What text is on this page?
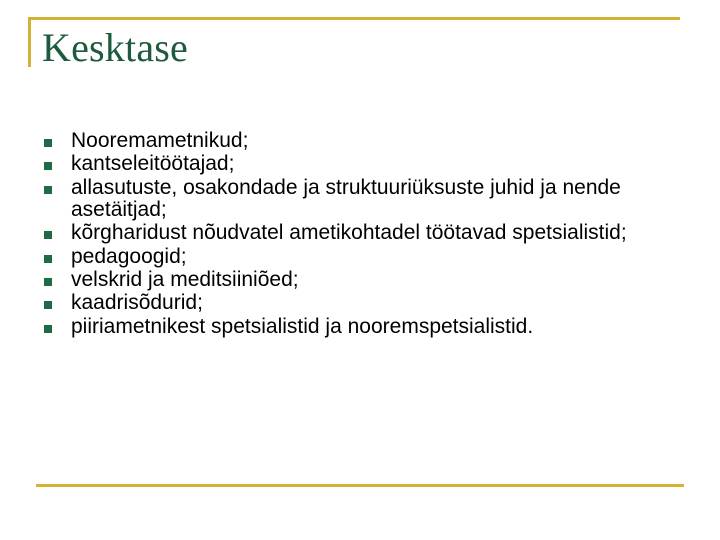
Kesktase
Nooremametnikud;
kantseleitöötajad;
allasutuste, osakondade ja struktuuriüksuste juhid ja nende asetäitjad;
kõrgharidust nõudvatel ametikohtadel töötavad spetsialistid;
pedagoogid;
velskrid ja meditsiiniõed;
kaadrisõdurid;
piiriametnikest spetsialistid ja nooremspetsialistid.
